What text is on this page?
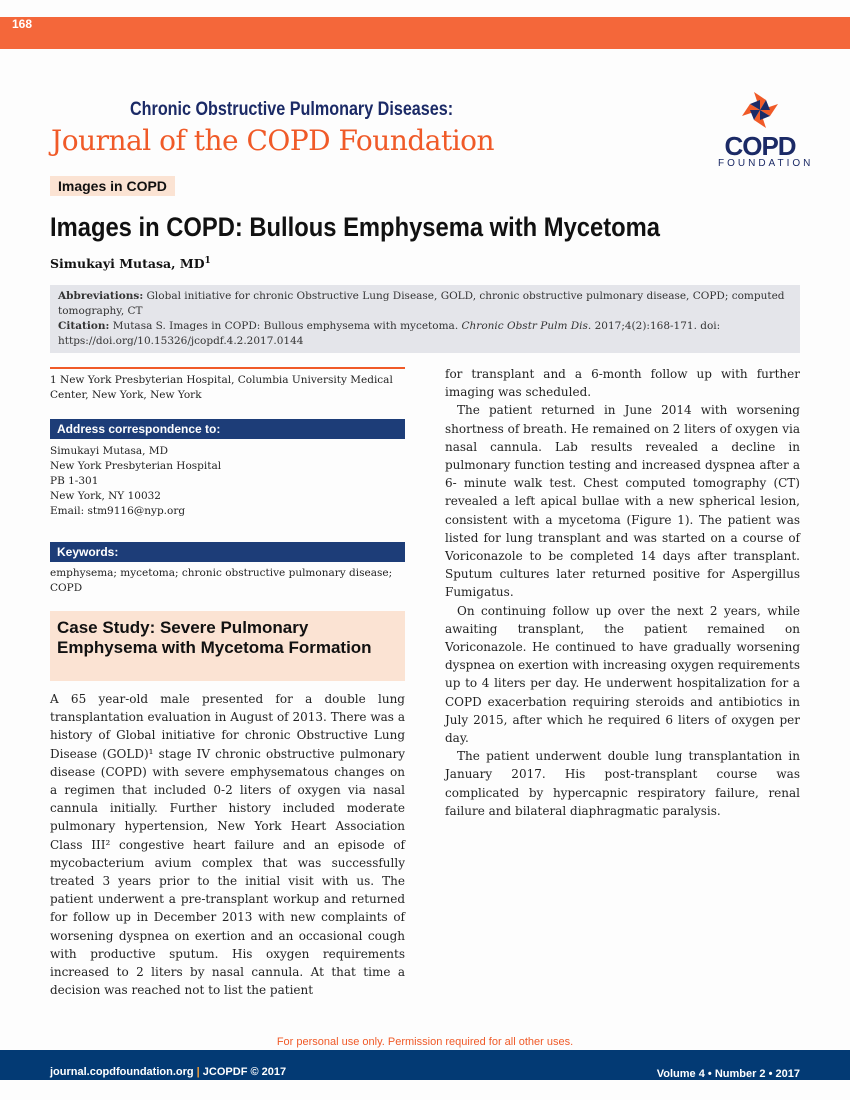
168
Chronic Obstructive Pulmonary Diseases:
Journal of the COPD Foundation	COPD
FOUNDATION
Images in COPD
Images in COPD: Bullous Emphysema with Mycetoma
Simukayi Mutasa, $MD^1$
Abbreviations: Global initiative for chronic Obstructive Lung Disease, GOLD, chronic obstructive pulmonary disease, COPD; computed tomography, CT
Citation: Mutasa S. Images in COPD: Bullous emphysema with mycetoma. Chronic Obstr Pulm Dis. 2017;4(2):168-171. doi: https://doi.org/10.15326/jcopdf.4.2.2017.0144
1 New York Presbyterian Hospital, Columbia University Medical Center, New York, New York
Address correspondence to:
Simukayi Mutasa, MD
New York Presbyterian Hospital
PB 1-301
New York, NY 10032
Email: stm9116@nyp.org
Keywords:
emphysema; mycetoma; chronic obstructive pulmonary disease; COPD
Case Study: Severe Pulmonary Emphysema with Mycetoma Formation

A 65 year-old male presented for a double lung transplantation evaluation in August of 2013. There was a history of Global initiative for chronic Obstructive Lung Disease (GOLD)¹ stage IV chronic obstructive pulmonary disease (COPD) with severe emphysematous changes on a regimen that included 0-2 liters of oxygen via nasal cannula initially. Further history included moderate pulmonary hypertension, New York Heart Association Class III² congestive heart failure and an episode of mycobacterium avium complex that was successfully treated 3 years prior to the initial visit with us. The patient underwent a pre-transplant workup and returned for follow up in December 2013 with new complaints of worsening dyspnea on exertion and an occasional cough with productive sputum. His oxygen requirements increased to 2 liters by nasal cannula. At that time a decision was reached not to list the patient

for transplant and a 6-month follow up with further imaging was scheduled.

The patient returned in June 2014 with worsening shortness of breath. He remained on 2 liters of oxygen via nasal cannula. Lab results revealed a decline in pulmonary function testing and increased dyspnea after a 6- minute walk test. Chest computed tomography (CT) revealed a left apical bullae with a new spherical lesion, consistent with a mycetoma (Figure 1). The patient was listed for lung transplant and was started on a course of Voriconazole to be completed 14 days after transplant. Sputum cultures later returned positive for Aspergillus Fumigatus.

On continuing follow up over the next 2 years, while awaiting transplant, the patient remained on Voriconazole. He continued to have gradually worsening dyspnea on exertion with increasing oxygen requirements up to 4 liters per day. He underwent hospitalization for a COPD exacerbation requiring steroids and antibiotics in July 2015, after which he required 6 liters of oxygen per day.

The patient underwent double lung transplantation in January 2017. His post-transplant course was complicated by hypercapnic respiratory failure, renal failure and bilateral diaphragmatic paralysis.

For personal use only. Permission required for all other uses.
journal.copdfoundation.org | JCOPDF © 2017	Volume 4 • Number 2 • 2017
